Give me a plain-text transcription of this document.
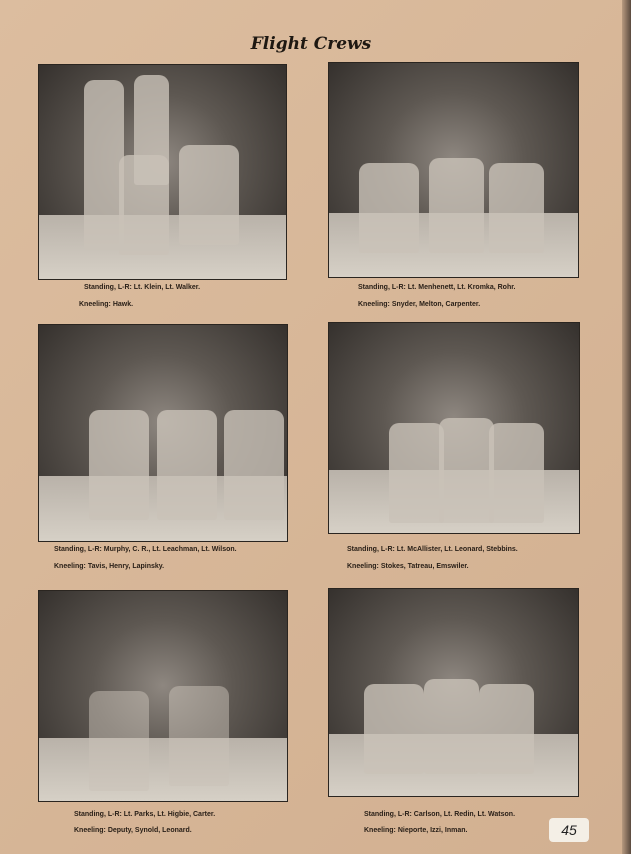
Flight Crews
Standing, L-R: Lt. Klein, Lt. Walker.
Kneeling: Hawk.
Standing, L-R: Lt. Menhenett, Lt. Kromka, Rohr.
Kneeling: Snyder, Melton, Carpenter.
Standing, L-R: Murphy, C. R., Lt. Leachman, Lt. Wilson.
Kneeling: Tavis, Henry, Lapinsky.
Standing, L-R: Lt. McAllister, Lt. Leonard, Stebbins.
Kneeling: Stokes, Tatreau, Emswiler.
Standing, L-R: Lt. Parks, Lt. Higbie, Carter.
Kneeling: Deputy, Synold, Leonard.
Standing, L-R: Carlson, Lt. Redin, Lt. Watson.
Kneeling: Nieporte, Izzi, Inman.	45
